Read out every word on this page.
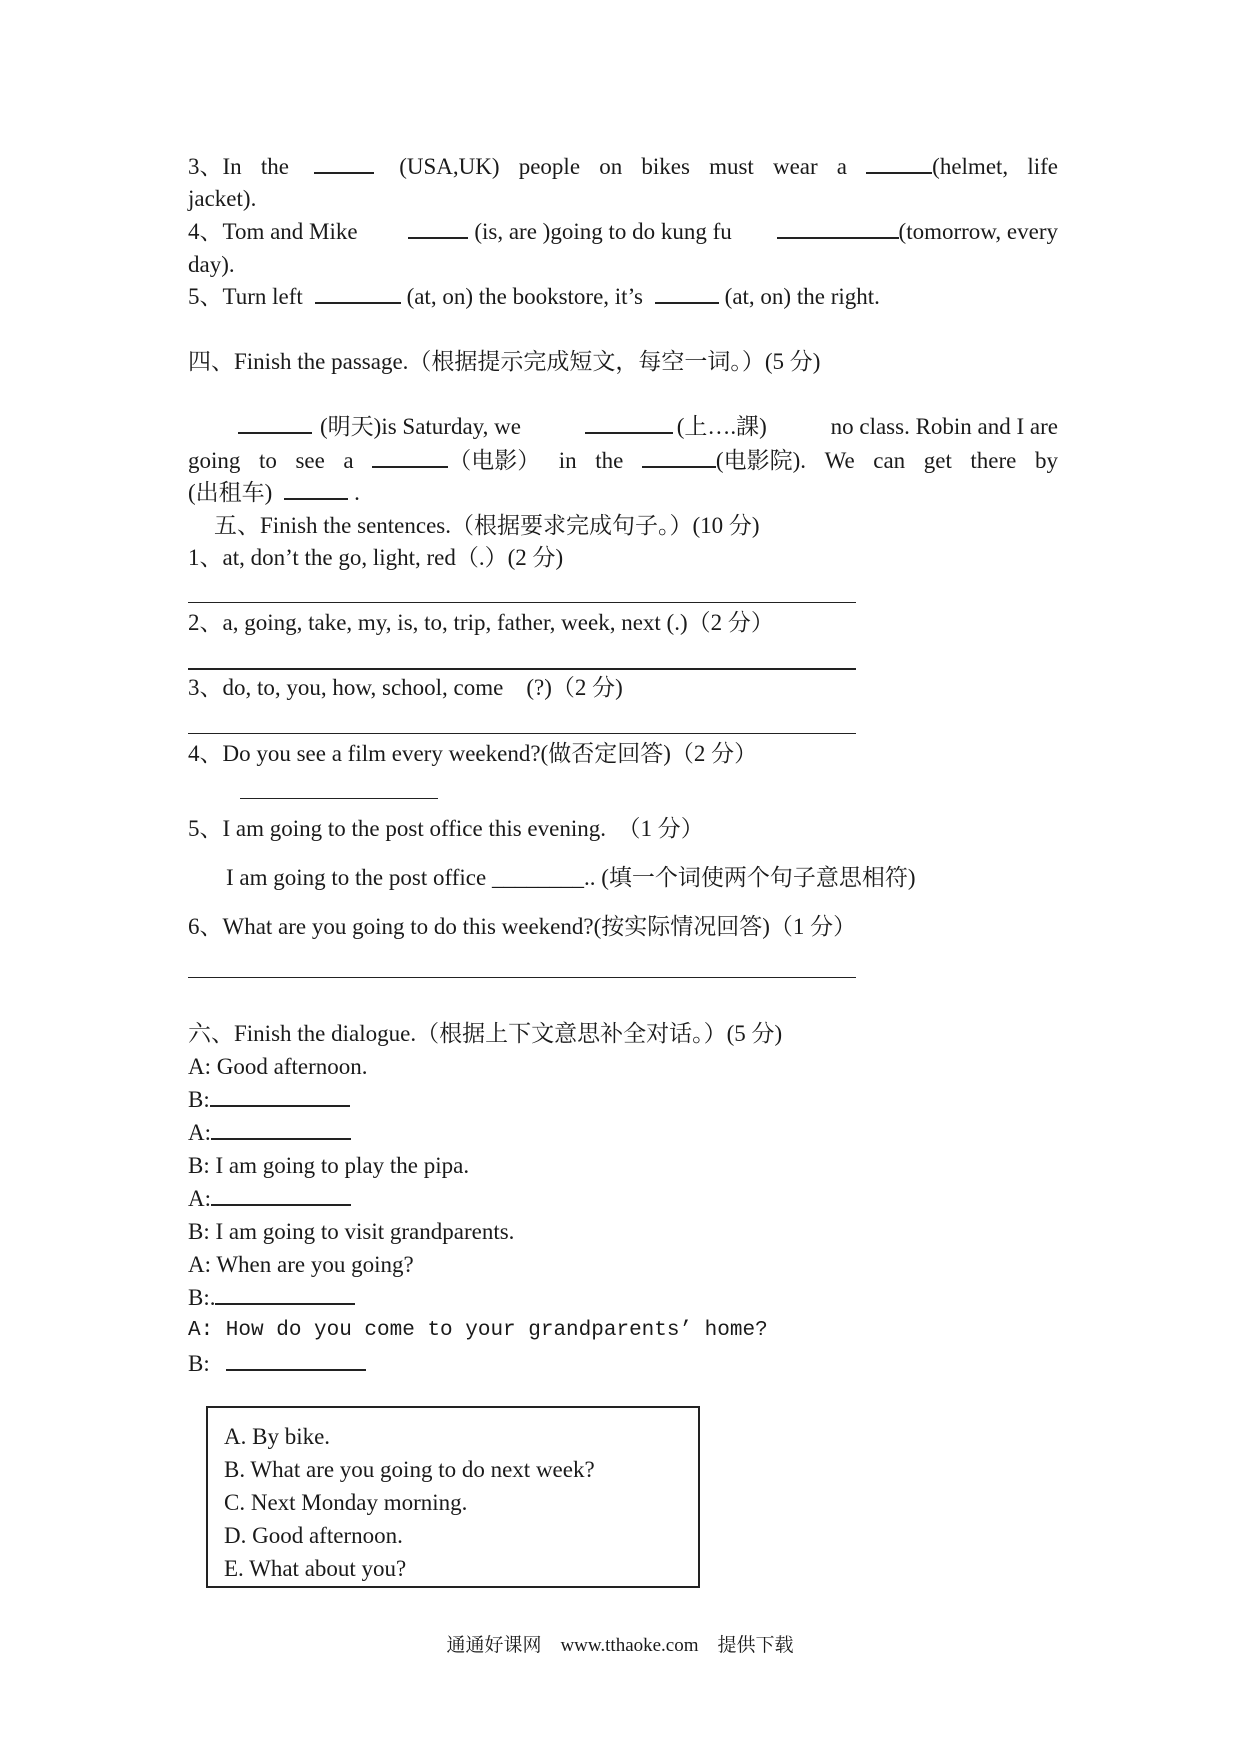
3、In the	(USA,UK) people on bikes must wear a	(helmet, life
jacket).
4、Tom and Mike	(is, are )going to do kung fu	(tomorrow, every
day).
5、Turn left	(at, on) the bookstore, it’s	(at, on) the right.
四、Finish the passage.（根据提示完成短文，每空一词。）(5 分)
(明天)is Saturday, we	(上….課)	no class. Robin and I are
going to see a	（电影） in the	(电影院). We can get there by
(出租车)	.
五、Finish the sentences.（根据要求完成句子。）(10 分)
1、at, don’t the go, light, red（.）(2 分)
2、a, going, take, my, is, to, trip, father, week, next (.)（2 分）
3、do, to, you, how, school, come　(?)（2 分)
4、Do you see a film every weekend?(做否定回答)（2 分）
5、I am going to the post office this evening.　（1 分）
I am going to the post office ________.. (填一个词使两个句子意思相符)
6、What are you going to do this weekend?(按实际情况回答)（1 分）
六、Finish the dialogue.（根据上下文意思补全对话。）(5 分)
A: Good afternoon.
B:
A:
B: I am going to play the pipa.
A:
B: I am going to visit grandparents.
A: When are you going?
B:.
A: How do you come to your grandparents’ home?
B:
A. By bike.
B. What are you going to do next week?
C. Next Monday morning.
D. Good afternoon.
E. What about you?
通通好课网　www.tthaoke.com　提供下载
